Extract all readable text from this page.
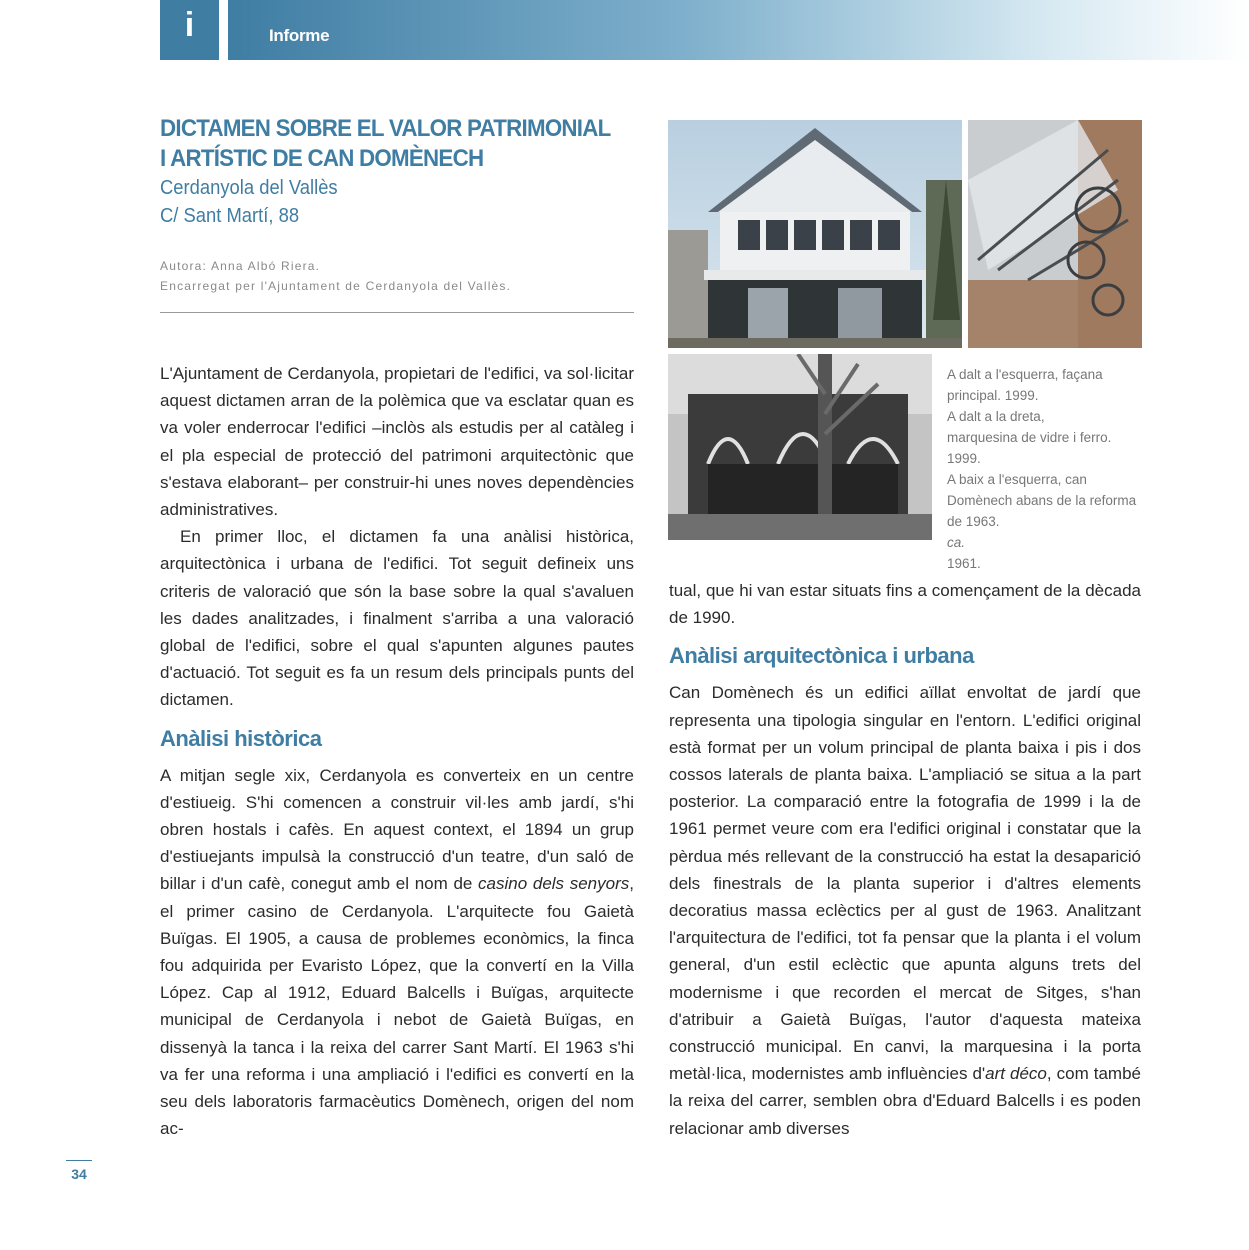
i	Informe
DICTAMEN SOBRE EL VALOR PATRIMONIAL
I ARTÍSTIC DE CAN DOMÈNECH
Cerdanyola del Vallès
C/ Sant Martí, 88
Autora: Anna Albó Riera.
Encarregat per l'Ajuntament de Cerdanyola del Vallès.

L'Ajuntament de Cerdanyola, propietari de l'edifici, va sol·licitar aquest dictamen arran de la polèmica que va esclatar quan es va voler enderrocar l'edifici –inclòs als estudis per al catàleg i el pla especial de protecció del patrimoni arquitectònic que s'estava elaborant– per construir-hi unes noves dependències administratives.

En primer lloc, el dictamen fa una anàlisi històrica, arquitectònica i urbana de l'edifici. Tot seguit defineix uns criteris de valoració que són la base sobre la qual s'avaluen les dades analitzades, i finalment s'arriba a una valoració global de l'edifici, sobre el qual s'apunten algunes pautes d'actuació. Tot seguit es fa un resum dels principals punts del dictamen.

Anàlisi històrica

A mitjan segle xix, Cerdanyola es converteix en un centre d'estiueig. S'hi comencen a construir vil·les amb jardí, s'hi obren hostals i cafès. En aquest context, el 1894 un grup d'estiuejants impulsà la construcció d'un teatre, d'un saló de billar i d'un cafè, conegut amb el nom de casino dels senyors, el primer casino de Cerdanyola. L'arquitecte fou Gaietà Buïgas. El 1905, a causa de problemes econòmics, la finca fou adquirida per Evaristo López, que la convertí en la Villa López. Cap al 1912, Eduard Balcells i Buïgas, arquitecte municipal de Cerdanyola i nebot de Gaietà Buïgas, en dissenyà la tanca i la reixa del carrer Sant Martí. El 1963 s'hi va fer una reforma i una ampliació i l'edifici es convertí en la seu dels laboratoris farmacèutics Domènech, origen del nom ac-

A dalt a l'esquerra, façana
principal. 1999.
A dalt a la dreta,
marquesina de vidre i ferro.
1999.
A baix a l'esquerra, can
Domènech abans de la reforma
de 1963.
ca.
1961.

tual, que hi van estar situats fins a començament de la dècada de 1990.

Anàlisi arquitectònica i urbana

Can Domènech és un edifici aïllat envoltat de jardí que representa una tipologia singular en l'entorn. L'edifici original està format per un volum principal de planta baixa i pis i dos cossos laterals de planta baixa. L'ampliació se situa a la part posterior. La comparació entre la fotografia de 1999 i la de 1961 permet veure com era l'edifici original i constatar que la pèrdua més rellevant de la construcció ha estat la desaparició dels finestrals de la planta superior i d'altres elements decoratius massa eclèctics per al gust de 1963. Analitzant l'arquitectura de l'edifici, tot fa pensar que la planta i el volum general, d'un estil eclèctic que apunta alguns trets del modernisme i que recorden el mercat de Sitges, s'han d'atribuir a Gaietà Buïgas, l'autor d'aquesta mateixa construcció municipal. En canvi, la marquesina i la porta metàl·lica, modernistes amb influències d'art déco, com també la reixa del carrer, semblen obra d'Eduard Balcells i es poden relacionar amb diverses

34
